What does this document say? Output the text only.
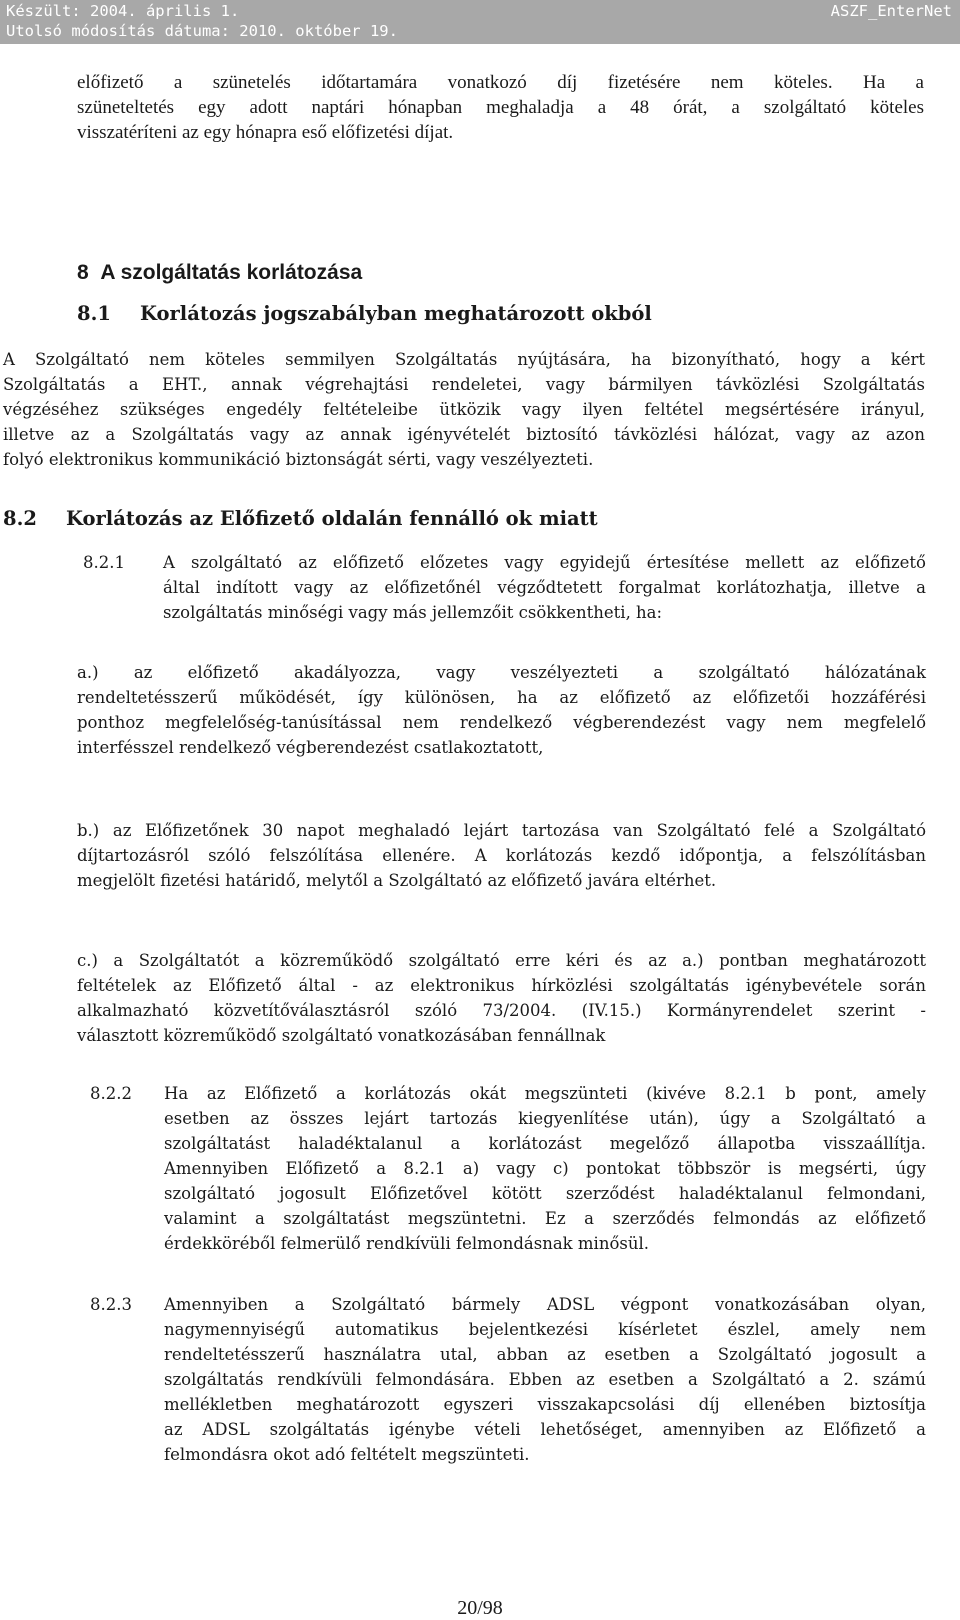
Készült: 2004. április 1.
Utolsó módosítás dátuma: 2010. október 19.
ASZF_EnterNet
előfizető a szünetelés időtartamára vonatkozó díj fizetésére nem köteles. Ha a
szüneteltetés egy adott naptári hónapban meghaladja a 48 órát, a szolgáltató köteles
visszatéríteni az egy hónapra eső előfizetési díjat.
8 A szolgáltatás korlátozása
8.1 Korlátozás jogszabályban meghatározott okból
A Szolgáltató nem köteles semmilyen Szolgáltatás nyújtására, ha bizonyítható, hogy a kért
Szolgáltatás a EHT., annak végrehajtási rendeletei, vagy bármilyen távközlési Szolgáltatás
végzéséhez szükséges engedély feltételeibe ütközik vagy ilyen feltétel megsértésére irányul,
illetve az a Szolgáltatás vagy az annak igényvételét biztosító távközlési hálózat, vagy az azon
folyó elektronikus kommunikáció biztonságát sérti, vagy veszélyezteti.
8.2 Korlátozás az Előfizető oldalán fennálló ok miatt
8.2.1 A szolgáltató az előfizető előzetes vagy egyidejű értesítése mellett az előfizető
által indított vagy az előfizetőnél végződtetett forgalmat korlátozhatja, illetve a
szolgáltatás minőségi vagy más jellemzőit csökkentheti, ha:
a.) az előfizető akadályozza, vagy veszélyezteti a szolgáltató hálózatának
rendeltetésszerű működését, így különösen, ha az előfizető az előfizetői hozzáférési
ponthoz megfelelőség-tanúsítással nem rendelkező végberendezést vagy nem megfelelő
interfésszel rendelkező végberendezést csatlakoztatott,
b.) az Előfizetőnek 30 napot meghaladó lejárt tartozása van Szolgáltató felé a Szolgáltató
díjtartozásról szóló felszólítása ellenére. A korlátozás kezdő időpontja, a felszólításban
megjelölt fizetési határidő, melytől a Szolgáltató az előfizető javára eltérhet.
c.) a Szolgáltatót a közreműködő szolgáltató erre kéri és az a.) pontban meghatározott
feltételek az Előfizető által - az elektronikus hírközlési szolgáltatás igénybevétele során
alkalmazható közvetítőválasztásról szóló 73/2004. (IV.15.) Kormányrendelet szerint -
választott közreműködő szolgáltató vonatkozásában fennállnak
8.2.2 Ha az Előfizető a korlátozás okát megszünteti (kivéve 8.2.1 b pont, amely
esetben az összes lejárt tartozás kiegyenlítése után), úgy a Szolgáltató a
szolgáltatást haladéktalanul a korlátozást megelőző állapotba visszaállítja.
Amennyiben Előfizető a 8.2.1 a) vagy c) pontokat többször is megsérti, úgy
szolgáltató jogosult Előfizetővel kötött szerződést haladéktalanul felmondani,
valamint a szolgáltatást megszüntetni. Ez a szerződés felmondás az előfizető
érdekköréből felmerülő rendkívüli felmondásnak minősül.
8.2.3 Amennyiben a Szolgáltató bármely ADSL végpont vonatkozásában olyan,
nagymennyiségű automatikus bejelentkezési kísérletet észlel, amely nem
rendeltetésszerű használatra utal, abban az esetben a Szolgáltató jogosult a
szolgáltatás rendkívüli felmondására. Ebben az esetben a Szolgáltató a 2. számú
mellékletben meghatározott egyszeri visszakapcsolási díj ellenében biztosítja
az ADSL szolgáltatás igénybe vételi lehetőséget, amennyiben az Előfizető a
felmondásra okot adó feltételt megszünteti.
20/98
